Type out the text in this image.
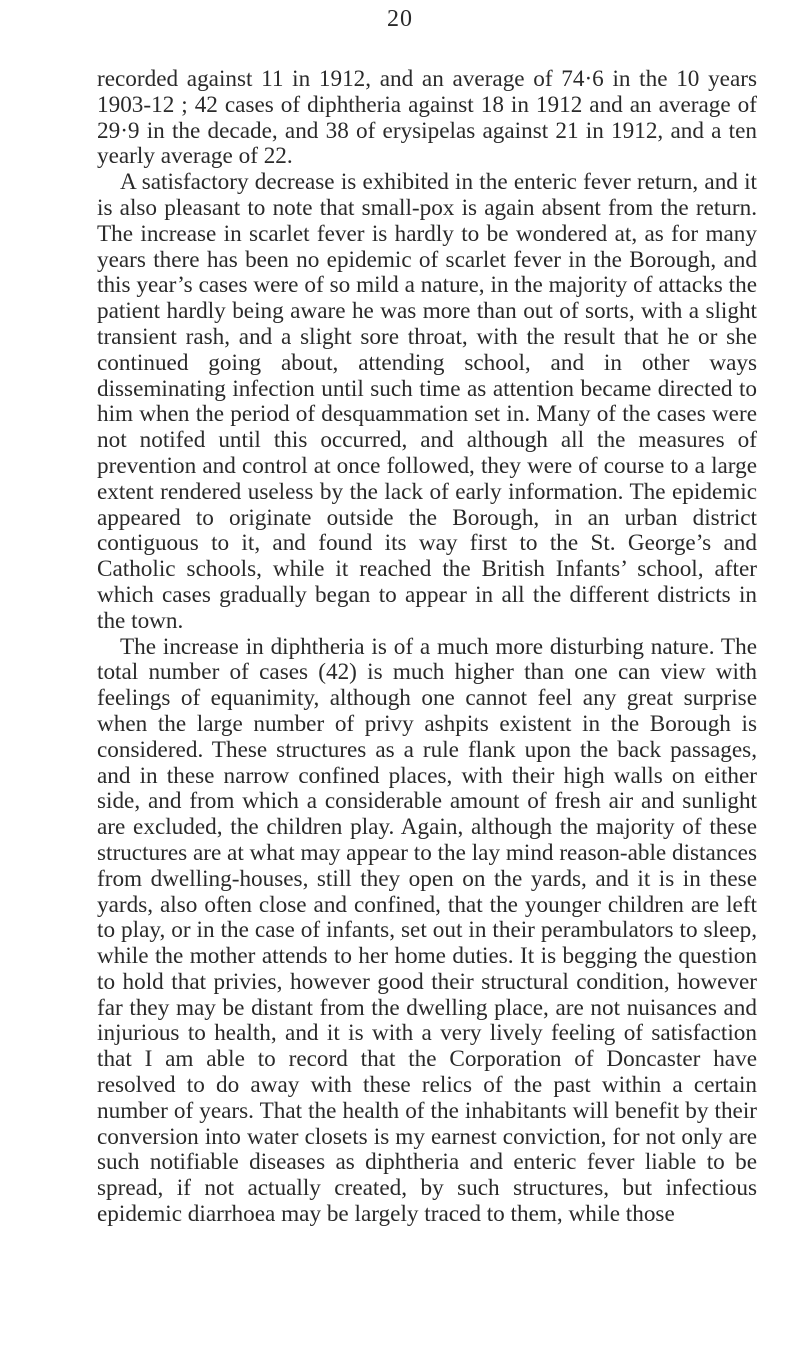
20

recorded against 11 in 1912, and an average of 74·6 in the 10 years 1903-12 ; 42 cases of diphtheria against 18 in 1912 and an average of 29·9 in the decade, and 38 of erysipelas against 21 in 1912, and a ten yearly average of 22.

A satisfactory decrease is exhibited in the enteric fever return, and it is also pleasant to note that small-pox is again absent from the return. The increase in scarlet fever is hardly to be wondered at, as for many years there has been no epidemic of scarlet fever in the Borough, and this year’s cases were of so mild a nature, in the majority of attacks the patient hardly being aware he was more than out of sorts, with a slight transient rash, and a slight sore throat, with the result that he or she continued going about, attending school, and in other ways disseminating infection until such time as attention became directed to him when the period of desquammation set in. Many of the cases were not notifed until this occurred, and although all the measures of prevention and control at once followed, they were of course to a large extent rendered useless by the lack of early information. The epidemic appeared to originate outside the Borough, in an urban district contiguous to it, and found its way first to the St. George’s and Catholic schools, while it reached the British Infants’ school, after which cases gradually began to appear in all the different districts in the town.

The increase in diphtheria is of a much more disturbing nature. The total number of cases (42) is much higher than one can view with feelings of equanimity, although one cannot feel any great surprise when the large number of privy ashpits existent in the Borough is considered. These structures as a rule flank upon the back passages, and in these narrow confined places, with their high walls on either side, and from which a considerable amount of fresh air and sunlight are excluded, the children play. Again, although the majority of these structures are at what may appear to the lay mind reason-able distances from dwelling-houses, still they open on the yards, and it is in these yards, also often close and confined, that the younger children are left to play, or in the case of infants, set out in their perambulators to sleep, while the mother attends to her home duties. It is begging the question to hold that privies, however good their structural condition, however far they may be distant from the dwelling place, are not nuisances and injurious to health, and it is with a very lively feeling of satisfaction that I am able to record that the Corporation of Doncaster have resolved to do away with these relics of the past within a certain number of years. That the health of the inhabitants will benefit by their conversion into water closets is my earnest conviction, for not only are such notifiable diseases as diphtheria and enteric fever liable to be spread, if not actually created, by such structures, but infectious epidemic diarrhoea may be largely traced to them, while those
